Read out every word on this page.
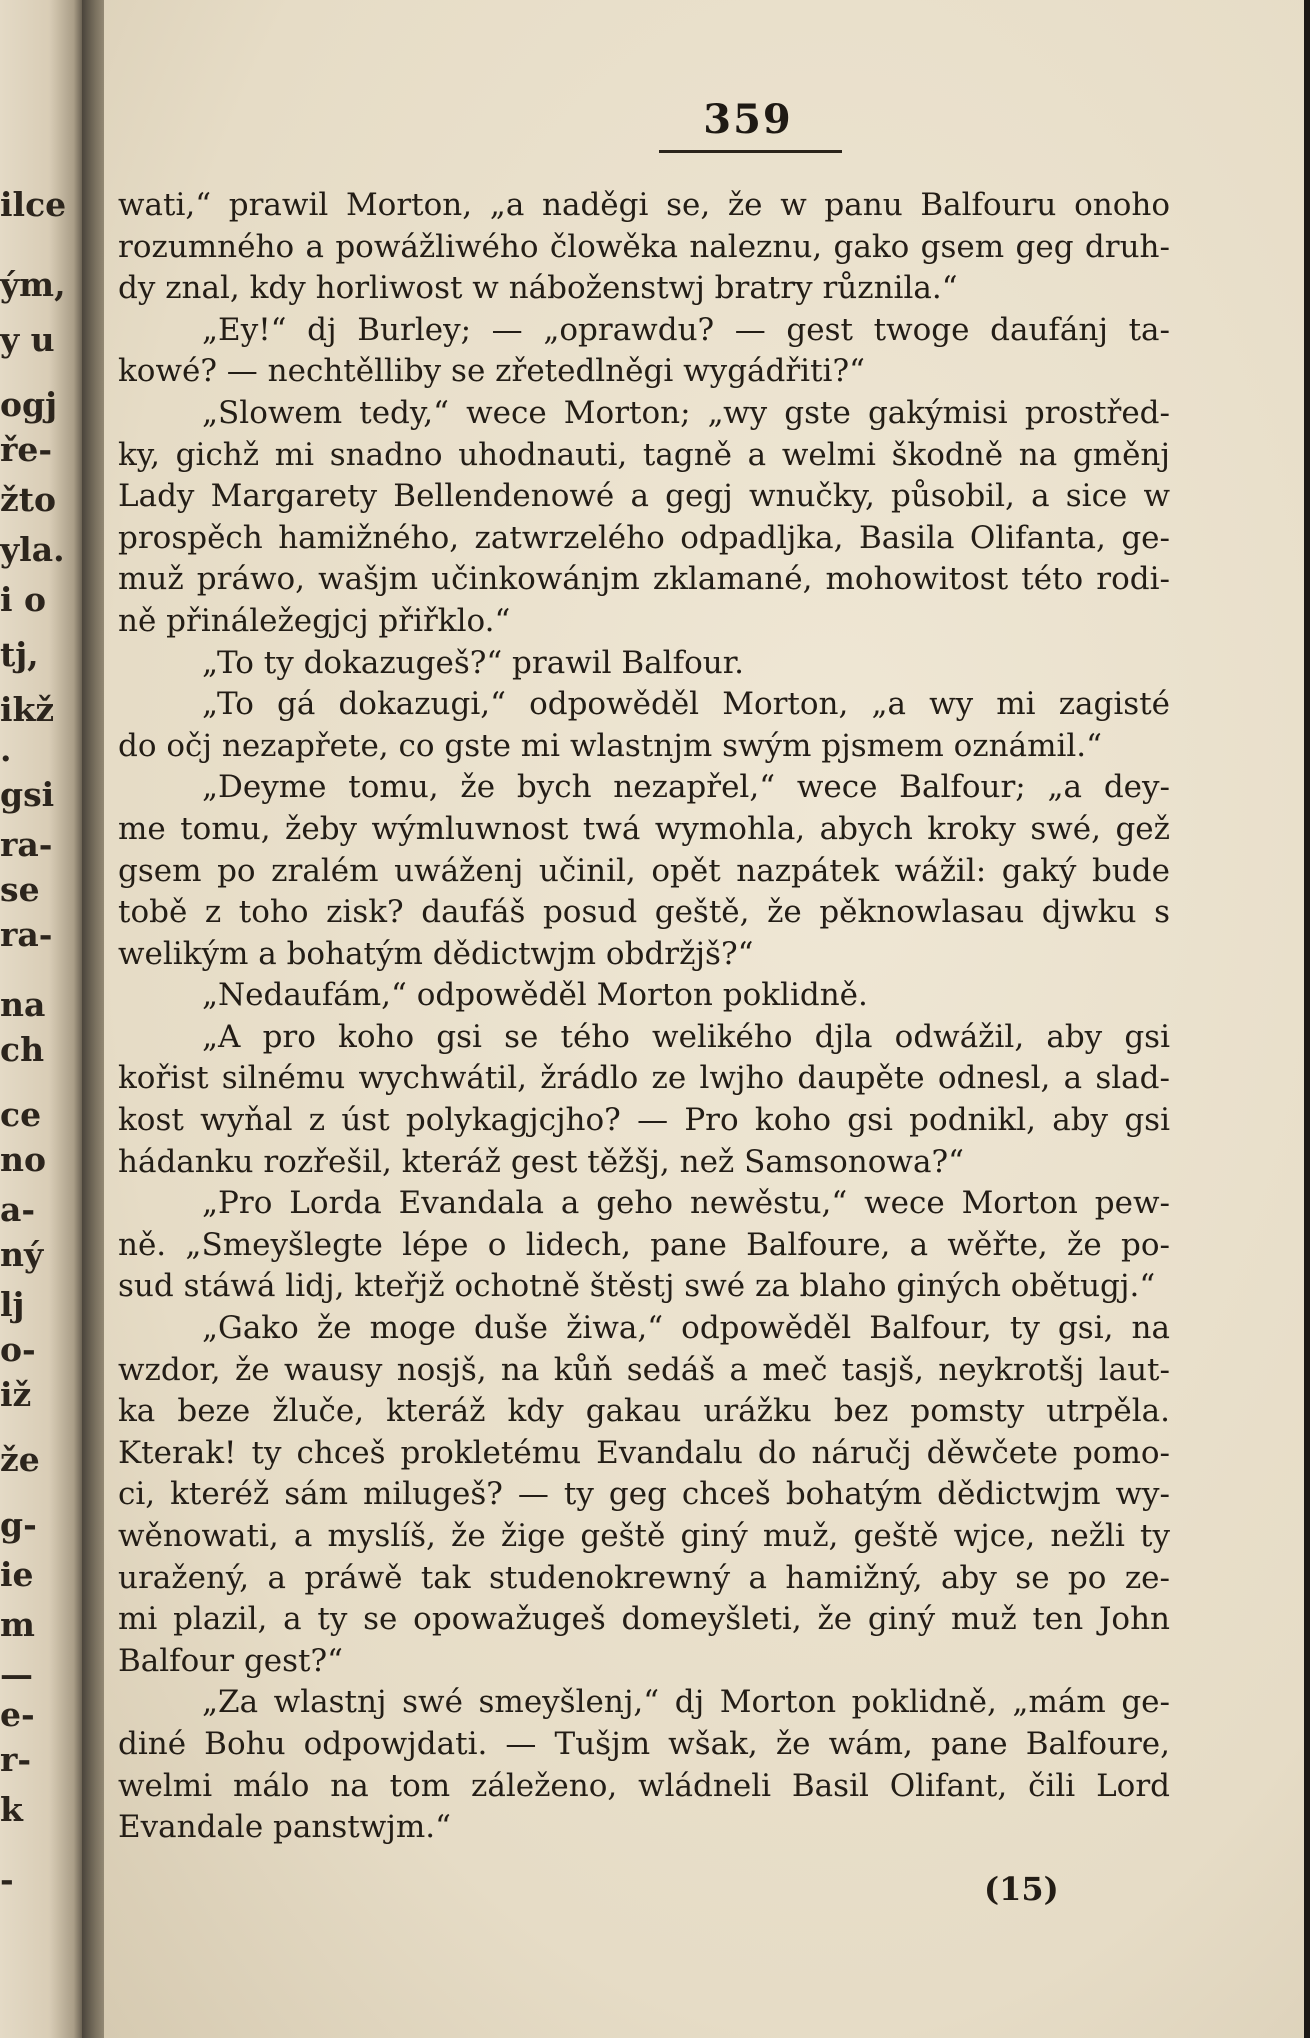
ilce
ým,
y u
ogj
ře-
žto
yla.
i o
tj,
ikž
.
gsi
ra-
se
ra-
na
ch
ce
no
a-
ný
lj
o-
iž
že
g-
ie
m
—
e-
r-
k
-
359
wati,“ prawil Morton, „a naděgi se, že w panu Balfouru onoho
rozumného a powážliwého člowěka naleznu, gako gsem geg druh-
dy znal, kdy horliwost w náboženstwj bratry různila.“
„Ey!“ dj Burley; — „oprawdu? — gest twoge daufánj ta-
kowé? — nechtělliby se zřetedlněgi wygádřiti?“
„Slowem tedy,“ wece Morton; „wy gste gakýmisi prostřed-
ky, gichž mi snadno uhodnauti, tagně a welmi škodně na gměnj
Lady Margarety Bellendenowé a gegj wnučky, působil, a sice w
prospěch hamižného, zatwrzelého odpadljka, Basila Olifanta, ge-
muž práwo, wašjm učinkowánjm zklamané, mohowitost této rodi-
ně přináležegjcj přiřklo.“
„To ty dokazugeš?“ prawil Balfour.
„To gá dokazugi,“ odpowěděl Morton, „a wy mi zagisté
do očj nezapřete, co gste mi wlastnjm swým pjsmem oznámil.“
„Deyme tomu, že bych nezapřel,“ wece Balfour; „a dey-
me tomu, žeby wýmluwnost twá wymohla, abych kroky swé, gež
gsem po zralém uwáženj učinil, opět nazpátek wážil: gaký bude
tobě z toho zisk? daufáš posud geště, že pěknowlasau djwku s
welikým a bohatým dědictwjm obdržjš?“
„Nedaufám,“ odpowěděl Morton poklidně.
„A pro koho gsi se tého welikého djla odwážil, aby gsi
kořist silnému wychwátil, žrádlo ze lwjho daupěte odnesl, a slad-
kost wyňal z úst polykagjcjho? — Pro koho gsi podnikl, aby gsi
hádanku rozřešil, kteráž gest těžšj, než Samsonowa?“
„Pro Lorda Evandala a geho newěstu,“ wece Morton pew-
ně. „Smeyšlegte lépe o lidech, pane Balfoure, a wěřte, že po-
sud stáwá lidj, kteřjž ochotně štěstj swé za blaho giných obětugj.“
„Gako že moge duše žiwa,“ odpowěděl Balfour, ty gsi, na
wzdor, že wausy nosjš, na kůň sedáš a meč tasjš, neykrotšj laut-
ka beze žluče, kteráž kdy gakau urážku bez pomsty utrpěla.
Kterak! ty chceš prokletému Evandalu do náručj děwčete pomo-
ci, kteréž sám milugeš? — ty geg chceš bohatým dědictwjm wy-
wěnowati, a myslíš, že žige geště giný muž, geště wjce, nežli ty
uražený, a práwě tak studenokrewný a hamižný, aby se po ze-
mi plazil, a ty se opowažugeš domeyšleti, že giný muž ten John
Balfour gest?“
„Za wlastnj swé smeyšlenj,“ dj Morton poklidně, „mám ge-
diné Bohu odpowjdati. — Tušjm wšak, že wám, pane Balfoure,
welmi málo na tom záleženo, wládneli Basil Olifant, čili Lord
Evandale panstwjm.“
(15)
